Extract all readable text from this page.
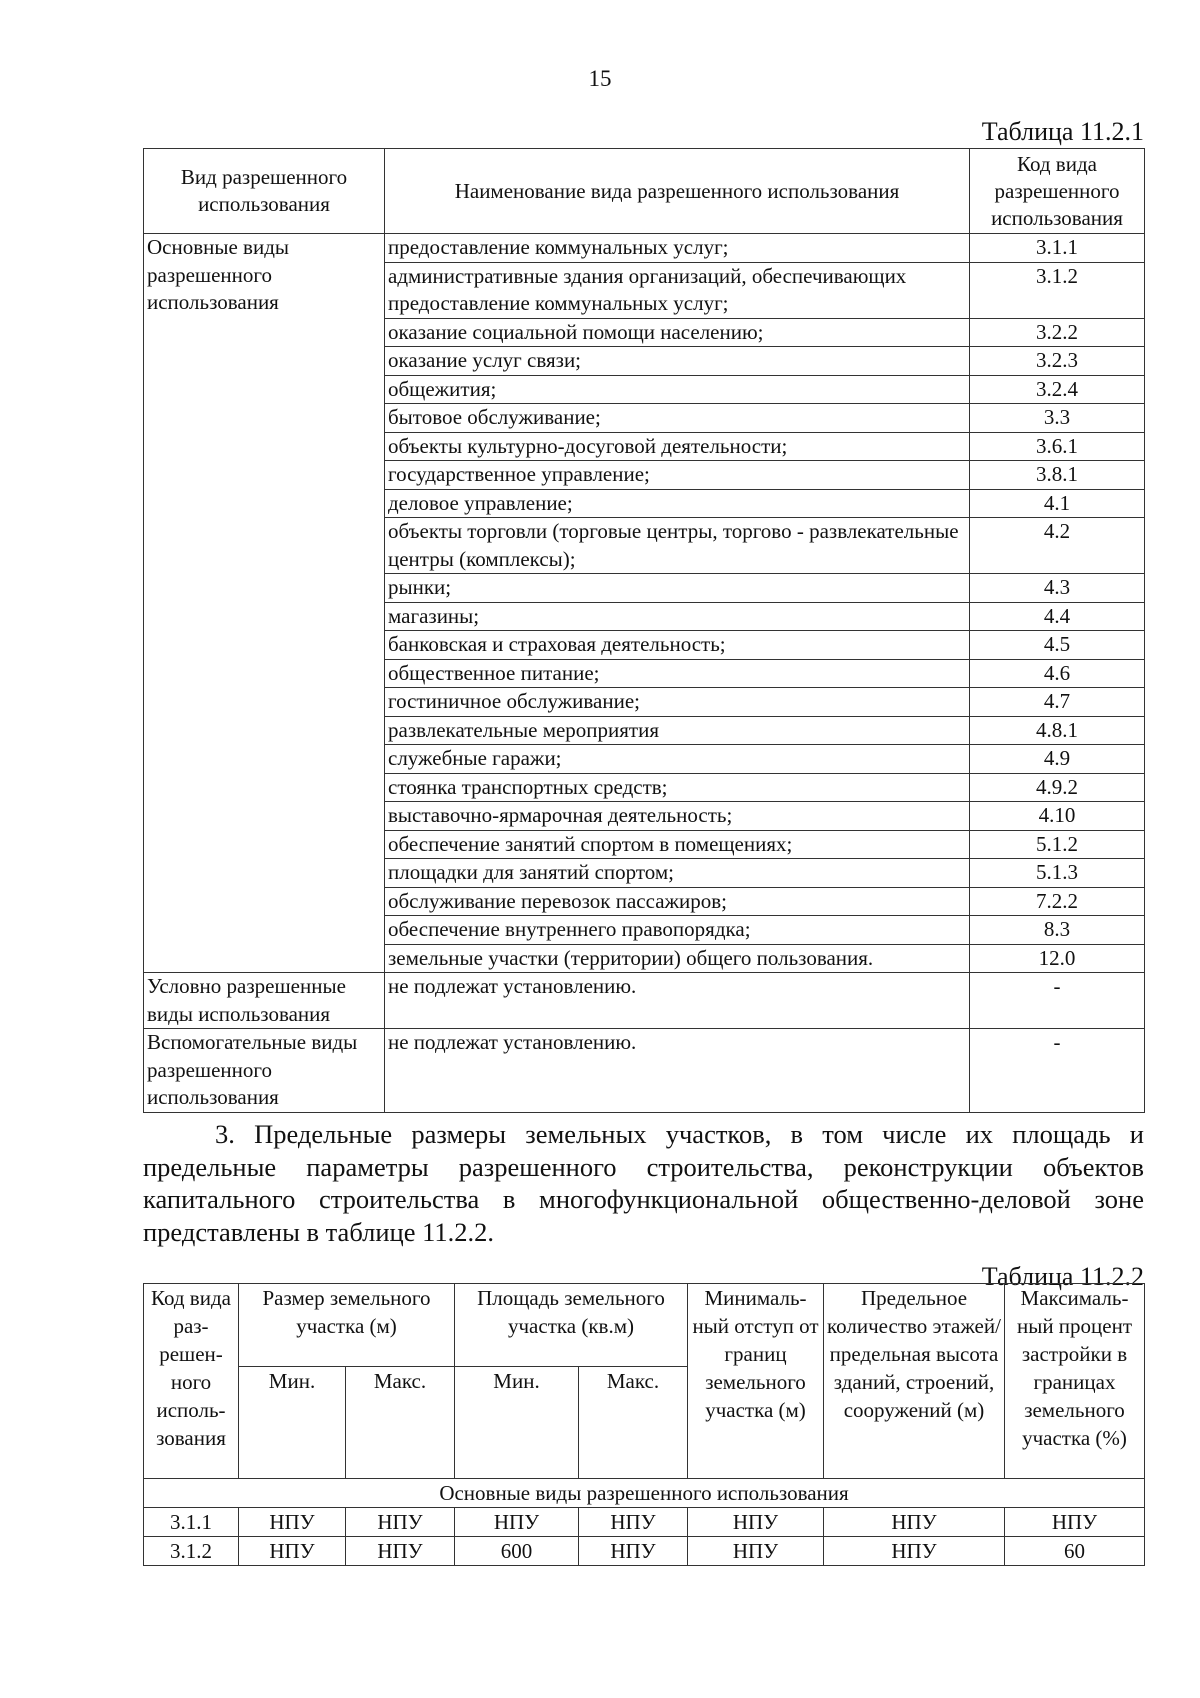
15
Таблица 11.2.1
Вид разрешенного использования	Наименование вида разрешенного использования	Код вида разрешенного использования
Основные виды разрешенного использования	предоставление коммунальных услуг;	3.1.1
	административные здания организаций, обеспечивающих предоставление коммунальных услуг;	3.1.2
	оказание социальной помощи населению;	3.2.2
	оказание услуг связи;	3.2.3
	общежития;	3.2.4
	бытовое обслуживание;	3.3
	объекты культурно-досуговой деятельности;	3.6.1
	государственное управление;	3.8.1
	деловое управление;	4.1
	объекты торговли (торговые центры, торгово - развлекательные центры (комплексы);	4.2
	рынки;	4.3
	магазины;	4.4
	банковская и страховая деятельность;	4.5
	общественное питание;	4.6
	гостиничное обслуживание;	4.7
	развлекательные мероприятия	4.8.1
	служебные гаражи;	4.9
	стоянка транспортных средств;	4.9.2
	выставочно-ярмарочная деятельность;	4.10
	обеспечение занятий спортом в помещениях;	5.1.2
	площадки для занятий спортом;	5.1.3
	обслуживание перевозок пассажиров;	7.2.2
	обеспечение внутреннего правопорядка;	8.3
	земельные участки (территории) общего пользования.	12.0
Условно разрешенные виды использования	не подлежат установлению.	-
Вспомогательные виды разрешенного использования	не подлежат установлению.	-

3. Предельные размеры земельных участков, в том числе их площадь и предельные параметры разрешенного строительства, реконструкции объектов капитального строительства в многофункциональной общественно-деловой зоне представлены в таблице 11.2.2.

Таблица 11.2.2
Код вида раз-решен-ного исполь-зования	Размер земельного участка (м)		Площадь земельного участка (кв.м)		Минималь-ный отступ от границ земельного участка (м)	Предельное количество этажей/ предельная высота зданий, строений, сооружений (м)	Максималь-ный процент застройки в границах земельного участка (%)
	Мин.	Макс.	Мин.	Макс.			
Основные виды разрешенного использования							
3.1.1	НПУ	НПУ	НПУ	НПУ	НПУ	НПУ	НПУ
3.1.2	НПУ	НПУ	600	НПУ	НПУ	НПУ	60
